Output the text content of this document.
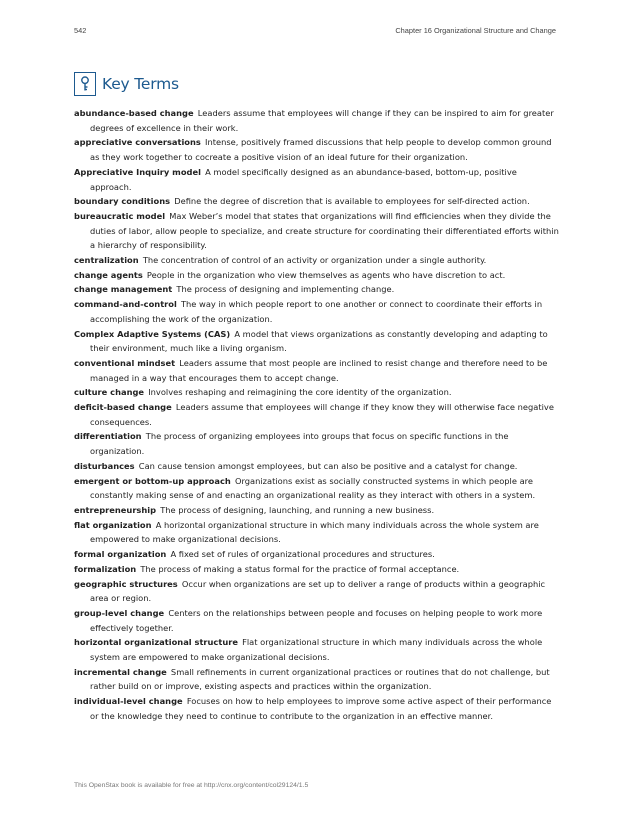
542	Chapter 16 Organizational Structure and Change
Key Terms

abundance-based change  Leaders assume that employees will change if they can be inspired to aim for greater degrees of excellence in their work.

appreciative conversations  Intense, positively framed discussions that help people to develop common ground as they work together to cocreate a positive vision of an ideal future for their organization.

Appreciative Inquiry model  A model specifically designed as an abundance-based, bottom-up, positive approach.

boundary conditions  Define the degree of discretion that is available to employees for self-directed action.

bureaucratic model  Max Weber’s model that states that organizations will find efficiencies when they divide the duties of labor, allow people to specialize, and create structure for coordinating their differentiated efforts within a hierarchy of responsibility.

centralization  The concentration of control of an activity or organization under a single authority.

change agents  People in the organization who view themselves as agents who have discretion to act.

change management  The process of designing and implementing change.

command-and-control  The way in which people report to one another or connect to coordinate their efforts in accomplishing the work of the organization.

Complex Adaptive Systems (CAS)  A model that views organizations as constantly developing and adapting to their environment, much like a living organism.

conventional mindset  Leaders assume that most people are inclined to resist change and therefore need to be managed in a way that encourages them to accept change.

culture change  Involves reshaping and reimagining the core identity of the organization.

deficit-based change  Leaders assume that employees will change if they know they will otherwise face negative consequences.

differentiation  The process of organizing employees into groups that focus on specific functions in the organization.

disturbances  Can cause tension amongst employees, but can also be positive and a catalyst for change.

emergent or bottom-up approach  Organizations exist as socially constructed systems in which people are constantly making sense of and enacting an organizational reality as they interact with others in a system.

entrepreneurship  The process of designing, launching, and running a new business.

flat organization  A horizontal organizational structure in which many individuals across the whole system are empowered to make organizational decisions.

formal organization  A fixed set of rules of organizational procedures and structures.

formalization  The process of making a status formal for the practice of formal acceptance.

geographic structures  Occur when organizations are set up to deliver a range of products within a geographic area or region.

group-level change  Centers on the relationships between people and focuses on helping people to work more effectively together.

horizontal organizational structure  Flat organizational structure in which many individuals across the whole system are empowered to make organizational decisions.

incremental change  Small refinements in current organizational practices or routines that do not challenge, but rather build on or improve, existing aspects and practices within the organization.

individual-level change  Focuses on how to help employees to improve some active aspect of their performance or the knowledge they need to continue to contribute to the organization in an effective manner.

This OpenStax book is available for free at http://cnx.org/content/col29124/1.5
